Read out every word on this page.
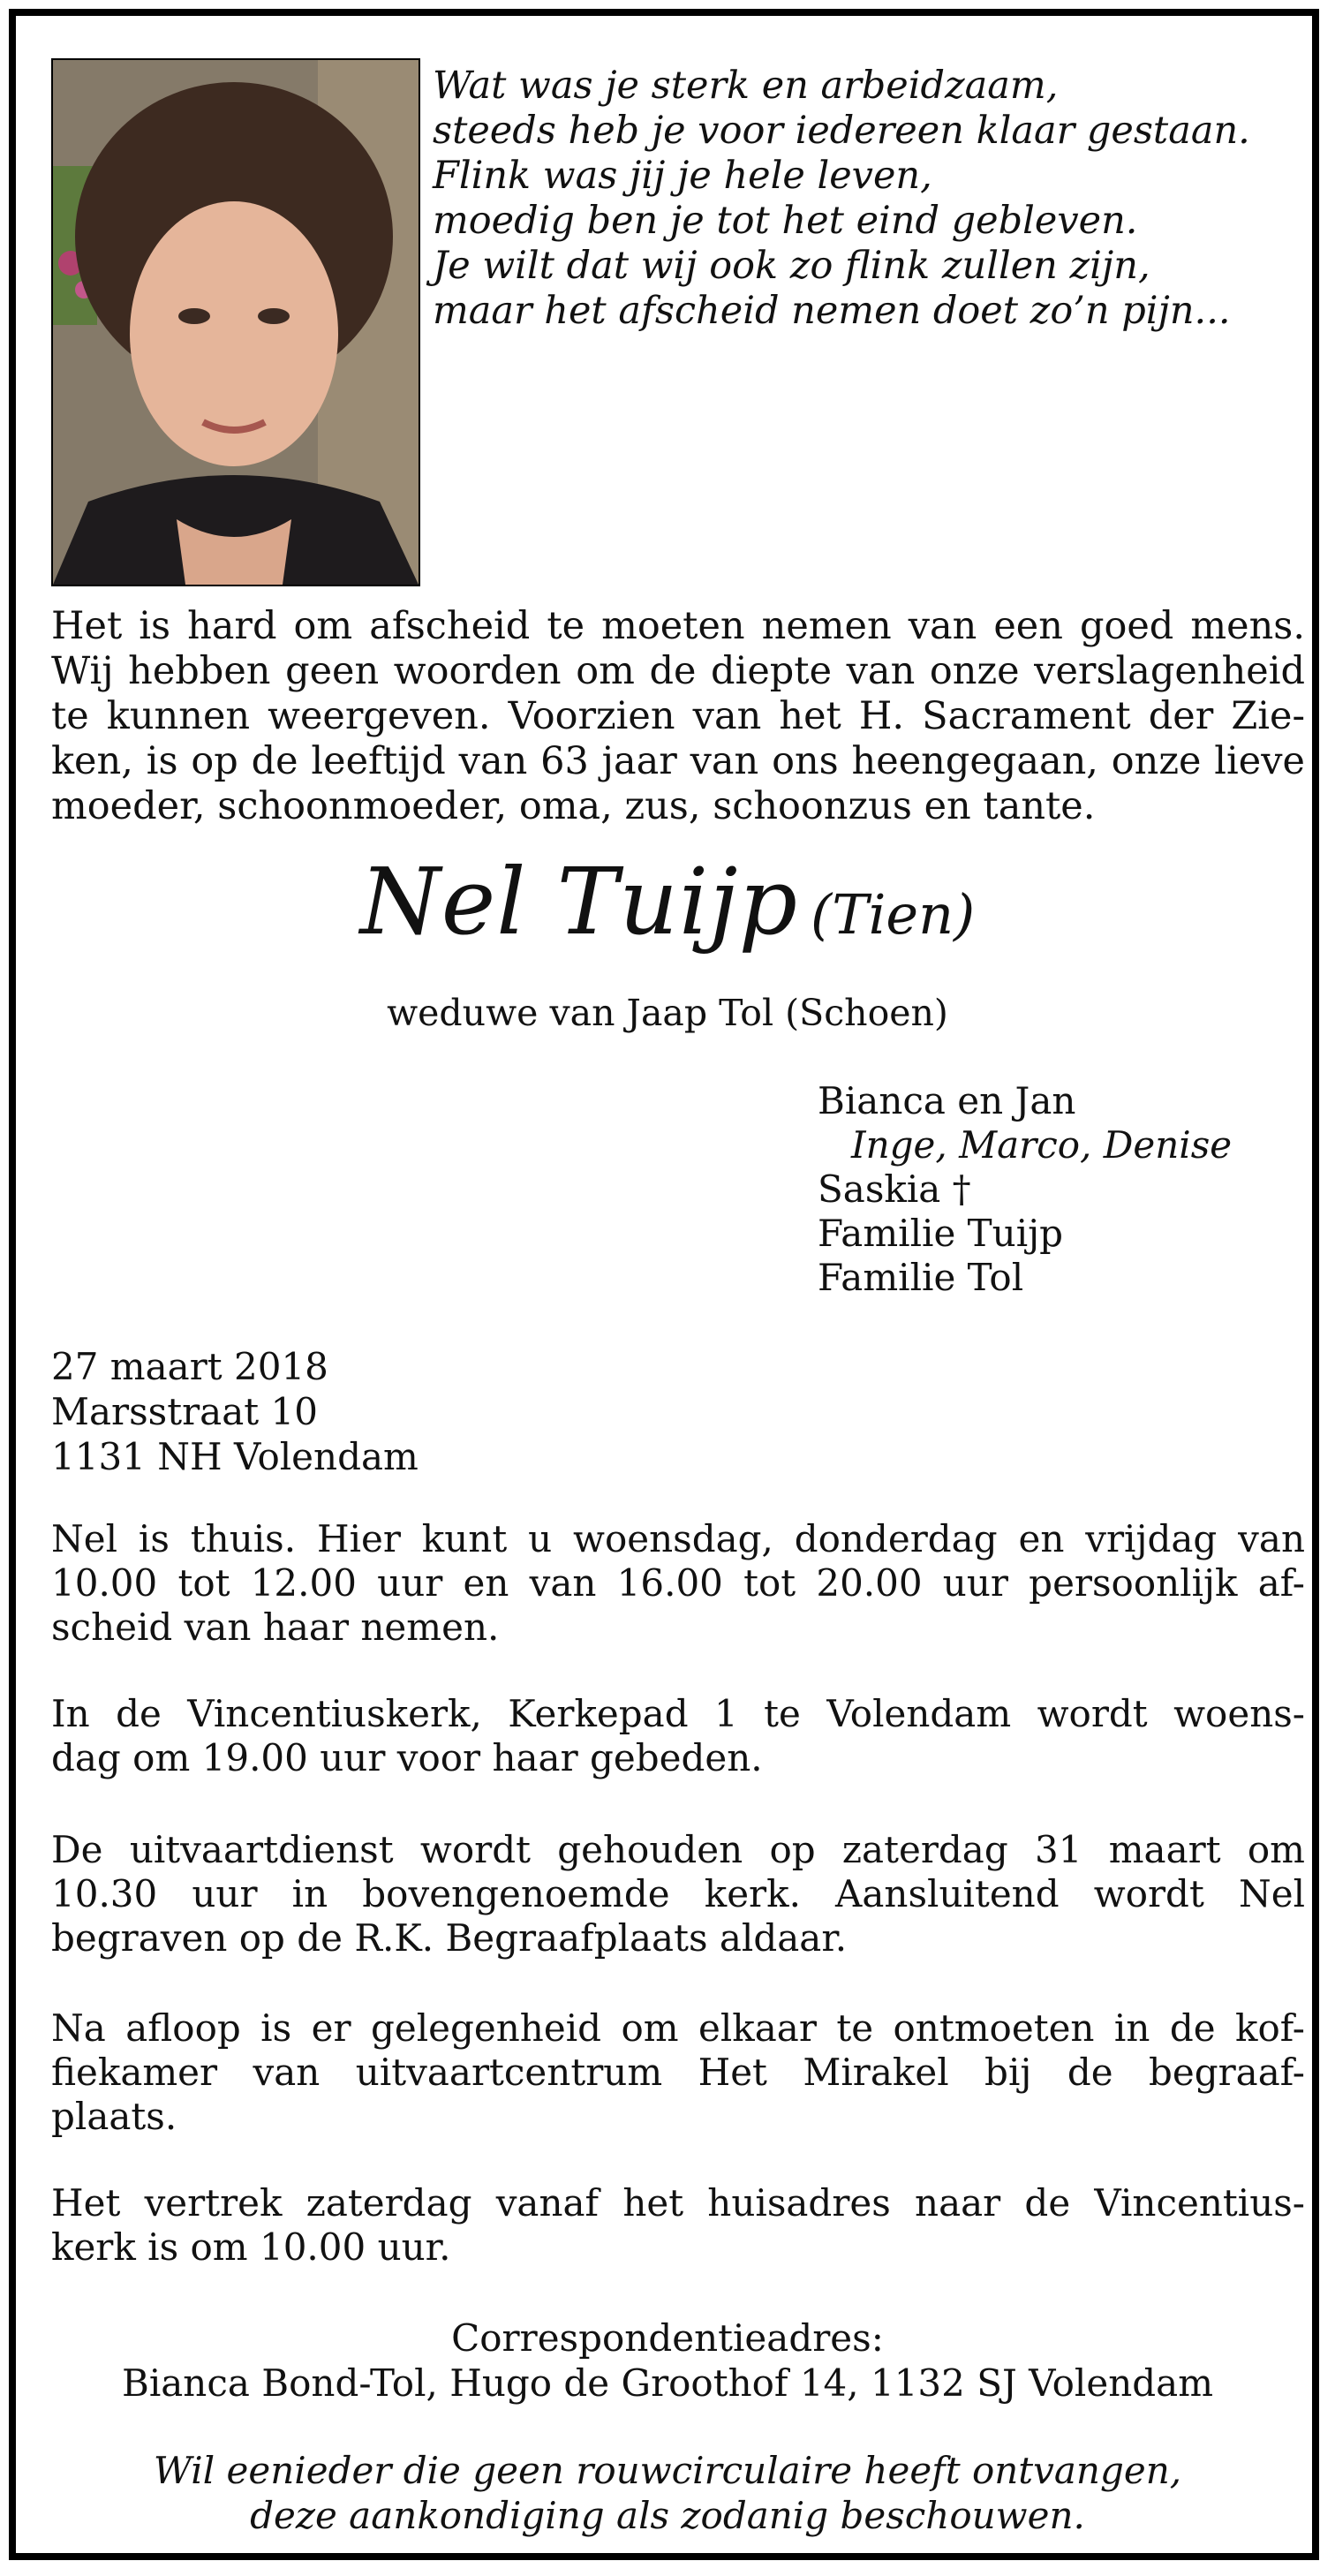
Wat was je sterk en arbeidzaam,
steeds heb je voor iedereen klaar gestaan.
Flink was jij je hele leven,
moedig ben je tot het eind gebleven.
Je wilt dat wij ook zo flink zullen zijn,
maar het afscheid nemen doet zo’n pijn...
Het is hard om afscheid te moeten nemen van een goed mens.
Wij hebben geen woorden om de diepte van onze verslagenheid
te kunnen weergeven. Voorzien van het H. Sacrament der Zie-
ken, is op de leeftijd van 63 jaar van ons heengegaan, onze lieve
moeder, schoonmoeder, oma, zus, schoonzus en tante.
Nel Tuijp (Tien)
weduwe van Jaap Tol (Schoen)
Bianca en Jan
Inge, Marco, Denise
Saskia †
Familie Tuijp
Familie Tol
27 maart 2018
Marsstraat 10
1131 NH Volendam
Nel is thuis. Hier kunt u woensdag, donderdag en vrijdag van
10.00 tot 12.00 uur en van 16.00 tot 20.00 uur persoonlijk af-
scheid van haar nemen.
In de Vincentiuskerk, Kerkepad 1 te Volendam wordt woens-
dag om 19.00 uur voor haar gebeden.
De uitvaartdienst wordt gehouden op zaterdag 31 maart om
10.30 uur in bovengenoemde kerk. Aansluitend wordt Nel
begraven op de R.K. Begraafplaats aldaar.
Na afloop is er gelegenheid om elkaar te ontmoeten in de kof-
fiekamer van uitvaartcentrum Het Mirakel bij de begraaf-
plaats.
Het vertrek zaterdag vanaf het huisadres naar de Vincentius-
kerk is om 10.00 uur.
Correspondentieadres:
Bianca Bond-Tol, Hugo de Groothof 14, 1132 SJ Volendam
Wil eenieder die geen rouwcirculaire heeft ontvangen,
deze aankondiging als zodanig beschouwen.
